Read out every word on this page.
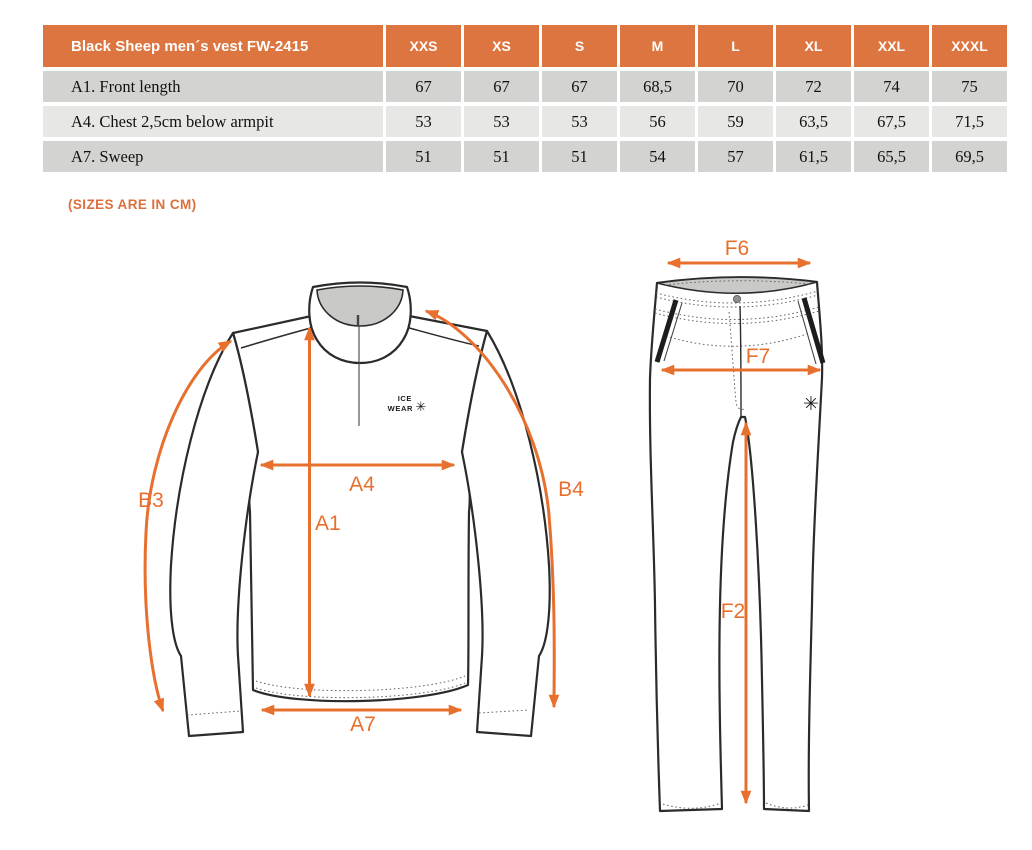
Black Sheep men´s vest FW-2415	XXS	XS	S	M	L	XL	XXL	XXXL
A1. Front length	67	67	67	68,5	70	72	74	75
A4. Chest 2,5cm below armpit	53	53	53	56	59	63,5	67,5	71,5
A7. Sweep	51	51	51	54	57	61,5	65,5	69,5
(SIZES ARE IN CM)
ICE
WEAR ✳
A1
A4
A7
B3	B4
✳
F6
F7
F2
